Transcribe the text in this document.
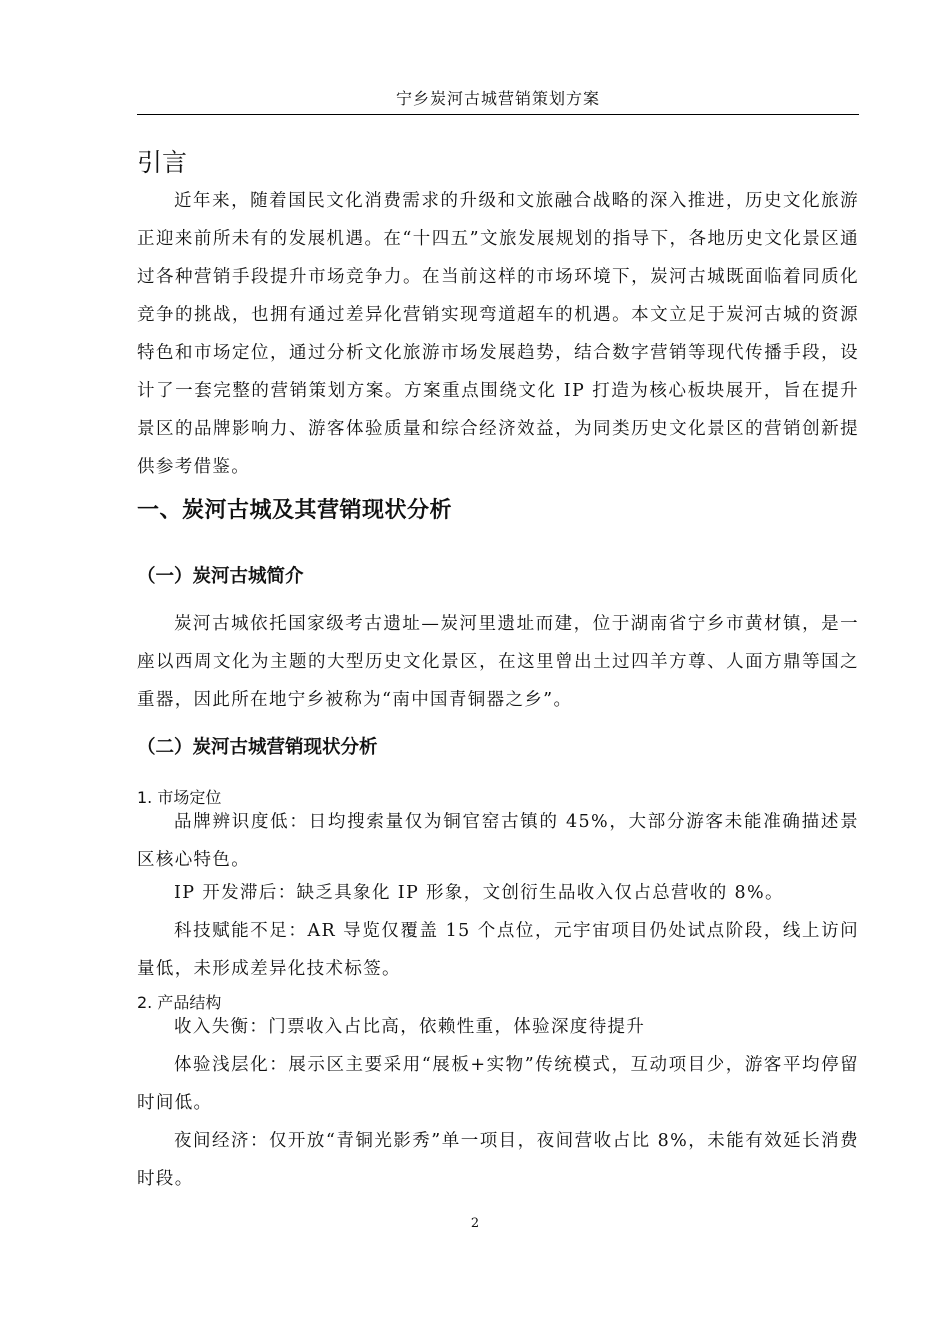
宁乡炭河古城营销策划方案
引言

近年来，随着国民文化消费需求的升级和文旅融合战略的深入推进，历史文化旅游正迎来前所未有的发展机遇。在“十四五”文旅发展规划的指导下，各地历史文化景区通过各种营销手段提升市场竞争力。在当前这样的市场环境下，炭河古城既面临着同质化竞争的挑战，也拥有通过差异化营销实现弯道超车的机遇。本文立足于炭河古城的资源特色和市场定位，通过分析文化旅游市场发展趋势，结合数字营销等现代传播手段，设计了一套完整的营销策划方案。方案重点围绕文化 IP 打造为核心板块展开，旨在提升景区的品牌影响力、游客体验质量和综合经济效益，为同类历史文化景区的营销创新提供参考借鉴。

一、炭河古城及其营销现状分析
（一）炭河古城简介

炭河古城依托国家级考古遗址—炭河里遗址而建，位于湖南省宁乡市黄材镇，是一座以西周文化为主题的大型历史文化景区，在这里曾出土过四羊方尊、人面方鼎等国之重器，因此所在地宁乡被称为“南中国青铜器之乡”。

（二）炭河古城营销现状分析
1. 市场定位

品牌辨识度低：日均搜索量仅为铜官窑古镇的 45%，大部分游客未能准确描述景区核心特色。

IP 开发滞后：缺乏具象化 IP 形象，文创衍生品收入仅占总营收的 8%。

科技赋能不足：AR 导览仅覆盖 15 个点位，元宇宙项目仍处试点阶段，线上访问量低，未形成差异化技术标签。

2. 产品结构

收入失衡：门票收入占比高，依赖性重，体验深度待提升

体验浅层化：展示区主要采用“展板+实物”传统模式，互动项目少，游客平均停留时间低。

夜间经济：仅开放“青铜光影秀”单一项目，夜间营收占比 8%，未能有效延长消费时段。

2
